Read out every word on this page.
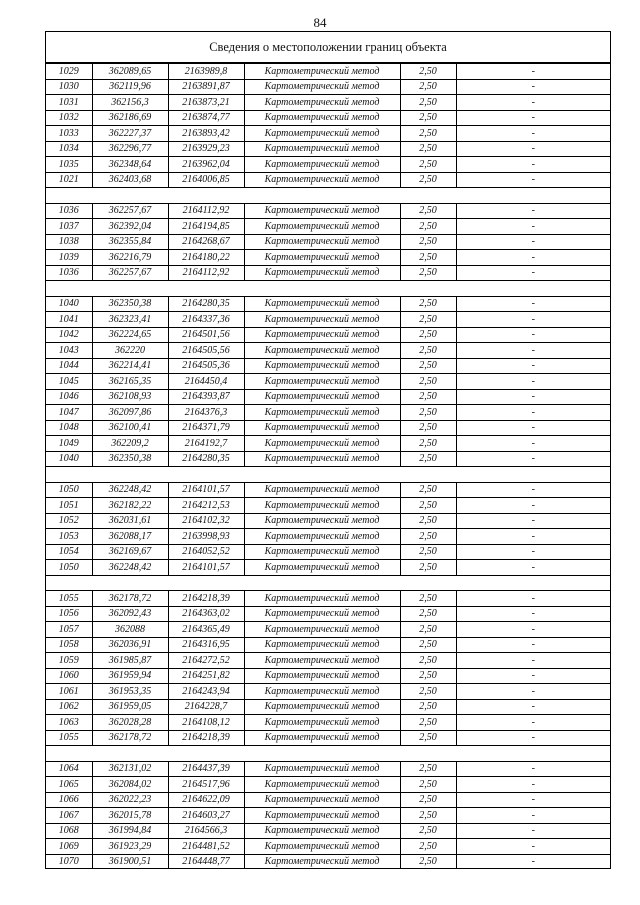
84
Сведения о местоположении границ объекта
1029	362089,65	2163989,8	Картометрический метод	2,50	-
1030	362119,96	2163891,87	Картометрический метод	2,50	-
1031	362156,3	2163873,21	Картометрический метод	2,50	-
1032	362186,69	2163874,77	Картометрический метод	2,50	-
1033	362227,37	2163893,42	Картометрический метод	2,50	-
1034	362296,77	2163929,23	Картометрический метод	2,50	-
1035	362348,64	2163962,04	Картометрический метод	2,50	-
1021	362403,68	2164006,85	Картометрический метод	2,50	-

1036	362257,67	2164112,92	Картометрический метод	2,50	-
1037	362392,04	2164194,85	Картометрический метод	2,50	-
1038	362355,84	2164268,67	Картометрический метод	2,50	-
1039	362216,79	2164180,22	Картометрический метод	2,50	-
1036	362257,67	2164112,92	Картометрический метод	2,50	-

1040	362350,38	2164280,35	Картометрический метод	2,50	-
1041	362323,41	2164337,36	Картометрический метод	2,50	-
1042	362224,65	2164501,56	Картометрический метод	2,50	-
1043	362220	2164505,56	Картометрический метод	2,50	-
1044	362214,41	2164505,36	Картометрический метод	2,50	-
1045	362165,35	2164450,4	Картометрический метод	2,50	-
1046	362108,93	2164393,87	Картометрический метод	2,50	-
1047	362097,86	2164376,3	Картометрический метод	2,50	-
1048	362100,41	2164371,79	Картометрический метод	2,50	-
1049	362209,2	2164192,7	Картометрический метод	2,50	-
1040	362350,38	2164280,35	Картометрический метод	2,50	-

1050	362248,42	2164101,57	Картометрический метод	2,50	-
1051	362182,22	2164212,53	Картометрический метод	2,50	-
1052	362031,61	2164102,32	Картометрический метод	2,50	-
1053	362088,17	2163998,93	Картометрический метод	2,50	-
1054	362169,67	2164052,52	Картометрический метод	2,50	-
1050	362248,42	2164101,57	Картометрический метод	2,50	-

1055	362178,72	2164218,39	Картометрический метод	2,50	-
1056	362092,43	2164363,02	Картометрический метод	2,50	-
1057	362088	2164365,49	Картометрический метод	2,50	-
1058	362036,91	2164316,95	Картометрический метод	2,50	-
1059	361985,87	2164272,52	Картометрический метод	2,50	-
1060	361959,94	2164251,82	Картометрический метод	2,50	-
1061	361953,35	2164243,94	Картометрический метод	2,50	-
1062	361959,05	2164228,7	Картометрический метод	2,50	-
1063	362028,28	2164108,12	Картометрический метод	2,50	-
1055	362178,72	2164218,39	Картометрический метод	2,50	-

1064	362131,02	2164437,39	Картометрический метод	2,50	-
1065	362084,02	2164517,96	Картометрический метод	2,50	-
1066	362022,23	2164622,09	Картометрический метод	2,50	-
1067	362015,78	2164603,27	Картометрический метод	2,50	-
1068	361994,84	2164566,3	Картометрический метод	2,50	-
1069	361923,29	2164481,52	Картометрический метод	2,50	-
1070	361900,51	2164448,77	Картометрический метод	2,50	-
